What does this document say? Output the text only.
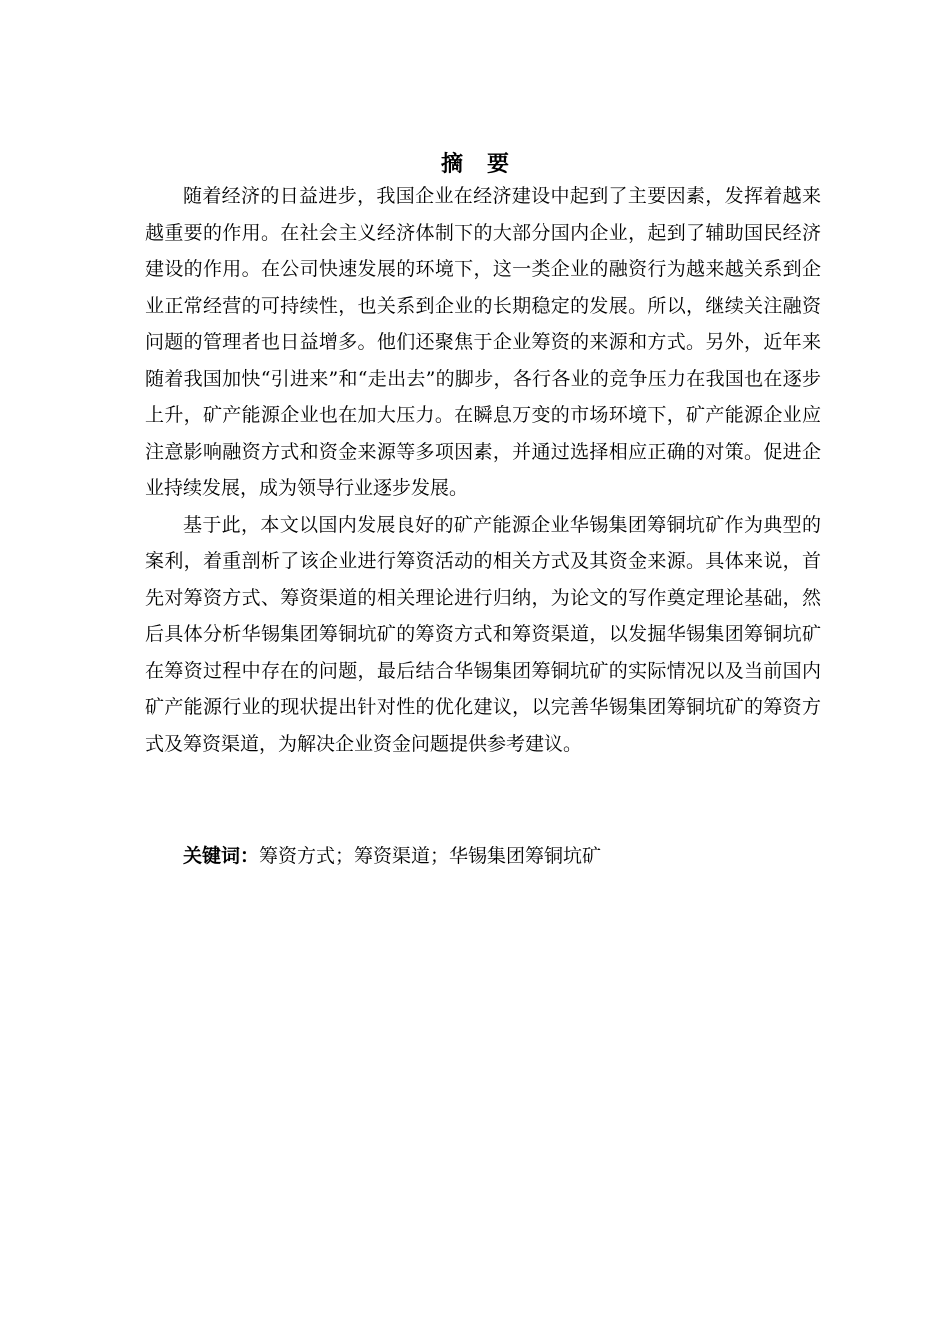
摘要

随着经济的日益进步，我国企业在经济建设中起到了主要因素，发挥着越来越重要的作用。在社会主义经济体制下的大部分国内企业，起到了辅助国民经济建设的作用。在公司快速发展的环境下，这一类企业的融资行为越来越关系到企业正常经营的可持续性，也关系到企业的长期稳定的发展。所以，继续关注融资问题的管理者也日益增多。他们还聚焦于企业筹资的来源和方式。另外，近年来随着我国加快“引进来”和“走出去”的脚步，各行各业的竞争压力在我国也在逐步上升，矿产能源企业也在加大压力。在瞬息万变的市场环境下，矿产能源企业应注意影响融资方式和资金来源等多项因素，并通过选择相应正确的对策。促进企业持续发展，成为领导行业逐步发展。

基于此，本文以国内发展良好的矿产能源企业华锡集团筹铜坑矿作为典型的案利，着重剖析了该企业进行筹资活动的相关方式及其资金来源。具体来说，首先对筹资方式、筹资渠道的相关理论进行归纳，为论文的写作奠定理论基础，然后具体分析华锡集团筹铜坑矿的筹资方式和筹资渠道，以发掘华锡集团筹铜坑矿在筹资过程中存在的问题，最后结合华锡集团筹铜坑矿的实际情况以及当前国内矿产能源行业的现状提出针对性的优化建议，以完善华锡集团筹铜坑矿的筹资方式及筹资渠道，为解决企业资金问题提供参考建议。

关键词：筹资方式；筹资渠道；华锡集团筹铜坑矿
